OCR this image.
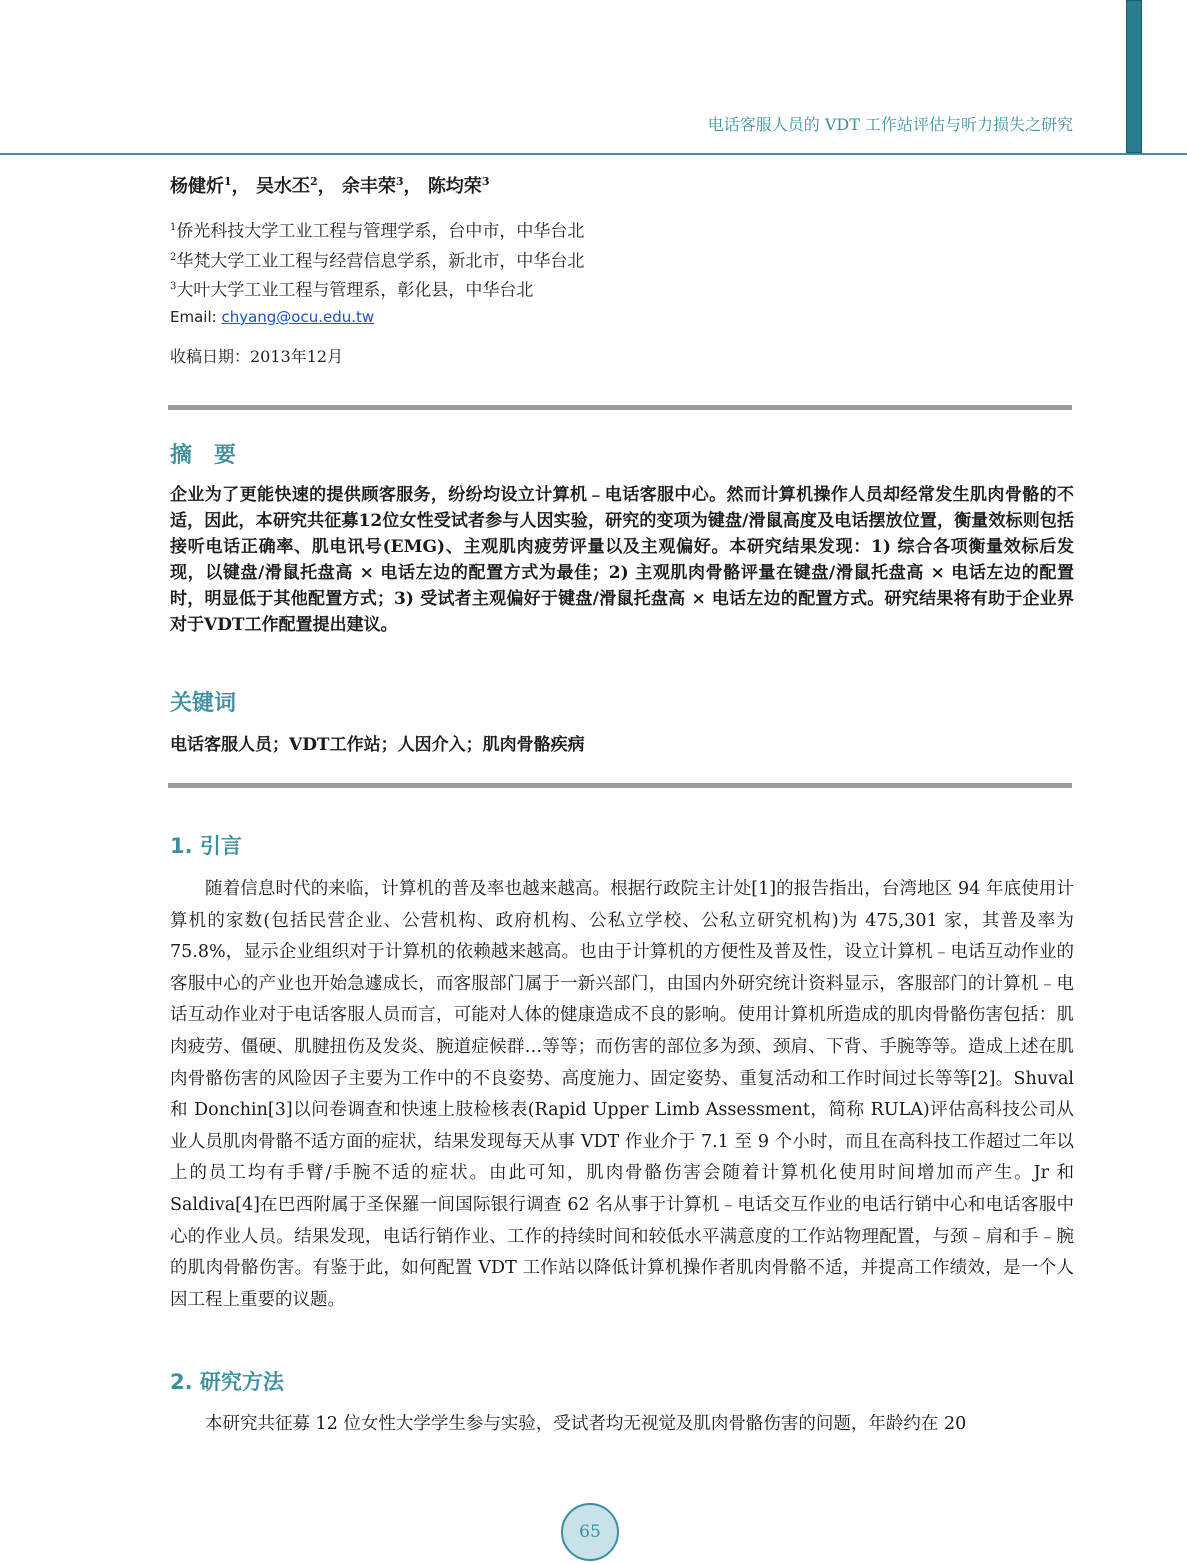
电话客服人员的 VDT 工作站评估与听力损失之研究
杨健炘$^1$， 吴水丕$^2$， 余丰荣$^3$， 陈均荣$^3$
$^1$侨光科技大学工业工程与管理学系，台中市，中华台北
$^2$华梵大学工业工程与经营信息学系，新北市，中华台北
$^3$大叶大学工业工程与管理系，彰化县，中华台北
Email: chyang@ocu.edu.tw
收稿日期：2013年12月
摘　要
企业为了更能快速的提供顾客服务，纷纷均设立计算机﹣电话客服中心。然而计算机操作人员却经常发生肌肉骨骼的不适，因此，本研究共征募12位女性受试者参与人因实验，研究的变项为键盘/滑鼠高度及电话摆放位置，衡量效标则包括接听电话正确率、肌电讯号(EMG)、主观肌肉疲劳评量以及主观偏好。本研究结果发现：1) 综合各项衡量效标后发现，以键盘/滑鼠托盘高 × 电话左边的配置方式为最佳；2) 主观肌肉骨骼评量在键盘/滑鼠托盘高 × 电话左边的配置时，明显低于其他配置方式；3) 受试者主观偏好于键盘/滑鼠托盘高 × 电话左边的配置方式。研究结果将有助于企业界对于VDT工作配置提出建议。
关键词
电话客服人员；VDT工作站；人因介入；肌肉骨骼疾病
1. 引言

随着信息时代的来临，计算机的普及率也越来越高。根据行政院主计处[1]的报告指出，台湾地区 94 年底使用计算机的家数(包括民营企业、公营机构、政府机构、公私立学校、公私立研究机构)为 475,301 家，其普及率为 75.8%，显示企业组织对于计算机的依赖越来越高。也由于计算机的方便性及普及性，设立计算机﹣电话互动作业的客服中心的产业也开始急遽成长，而客服部门属于一新兴部门，由国内外研究统计资料显示，客服部门的计算机﹣电话互动作业对于电话客服人员而言，可能对人体的健康造成不良的影响。使用计算机所造成的肌肉骨骼伤害包括：肌肉疲劳、僵硬、肌腱扭伤及发炎、腕道症候群…等等；而伤害的部位多为颈、颈肩、下背、手腕等等。造成上述在肌肉骨骼伤害的风险因子主要为工作中的不良姿势、高度施力、固定姿势、重复活动和工作时间过长等等[2]。Shuval 和 Donchin[3]以问卷调查和快速上肢检核表(Rapid Upper Limb Assessment，简称 RULA)评估高科技公司从业人员肌肉骨骼不适方面的症状，结果发现每天从事 VDT 作业介于 7.1 至 9 个小时，而且在高科技工作超过二年以上的员工均有手臂/手腕不适的症状。由此可知，肌肉骨骼伤害会随着计算机化使用时间增加而产生。Jr 和 Saldiva[4]在巴西附属于圣保羅一间国际银行调查 62 名从事于计算机﹣电话交互作业的电话行销中心和电话客服中心的作业人员。结果发现，电话行销作业、工作的持续时间和较低水平满意度的工作站物理配置，与颈﹣肩和手﹣腕的肌肉骨骼伤害。有鉴于此，如何配置 VDT 工作站以降低计算机操作者肌肉骨骼不适，并提高工作绩效，是一个人因工程上重要的议题。

2. 研究方法

本研究共征募 12 位女性大学学生参与实验，受试者均无视觉及肌肉骨骼伤害的问题，年龄约在 20

65
